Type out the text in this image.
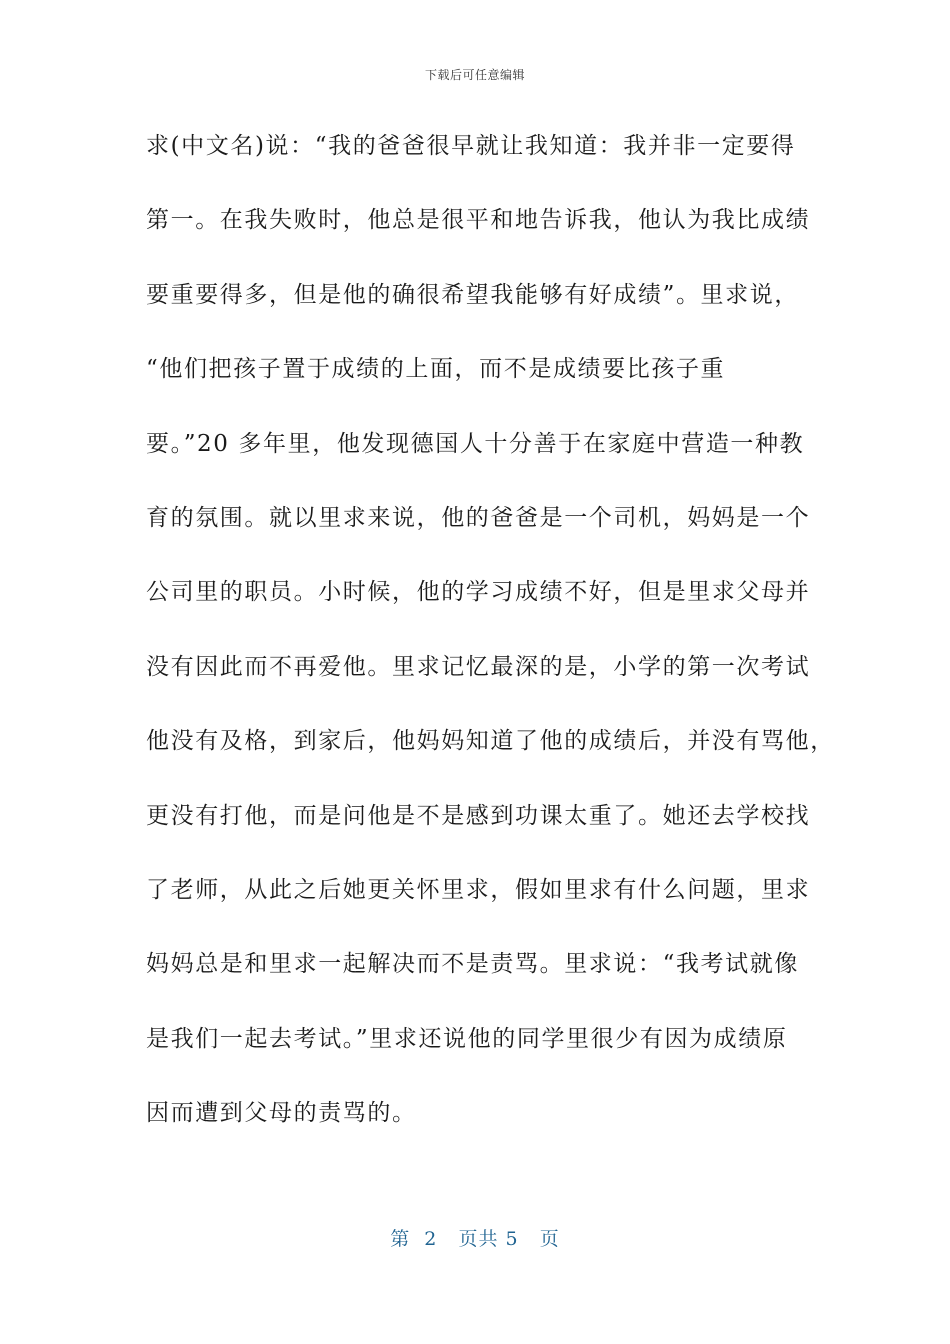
下载后可任意编辑
求(中文名)说：“我的爸爸很早就让我知道：我并非一定要得
第一。在我失败时，他总是很平和地告诉我，他认为我比成绩
要重要得多，但是他的确很希望我能够有好成绩”。里求说，
“他们把孩子置于成绩的上面，而不是成绩要比孩子重
要。”20 多年里，他发现德国人十分善于在家庭中营造一种教
育的氛围。就以里求来说，他的爸爸是一个司机，妈妈是一个
公司里的职员。小时候，他的学习成绩不好，但是里求父母并
没有因此而不再爱他。里求记忆最深的是，小学的第一次考试
他没有及格，到家后，他妈妈知道了他的成绩后，并没有骂他，
更没有打他，而是问他是不是感到功课太重了。她还去学校找
了老师，从此之后她更关怀里求，假如里求有什么问题，里求
妈妈总是和里求一起解决而不是责骂。里求说：“我考试就像
是我们一起去考试。”里求还说他的同学里很少有因为成绩原
因而遭到父母的责骂的。
第  2   页共 5   页
